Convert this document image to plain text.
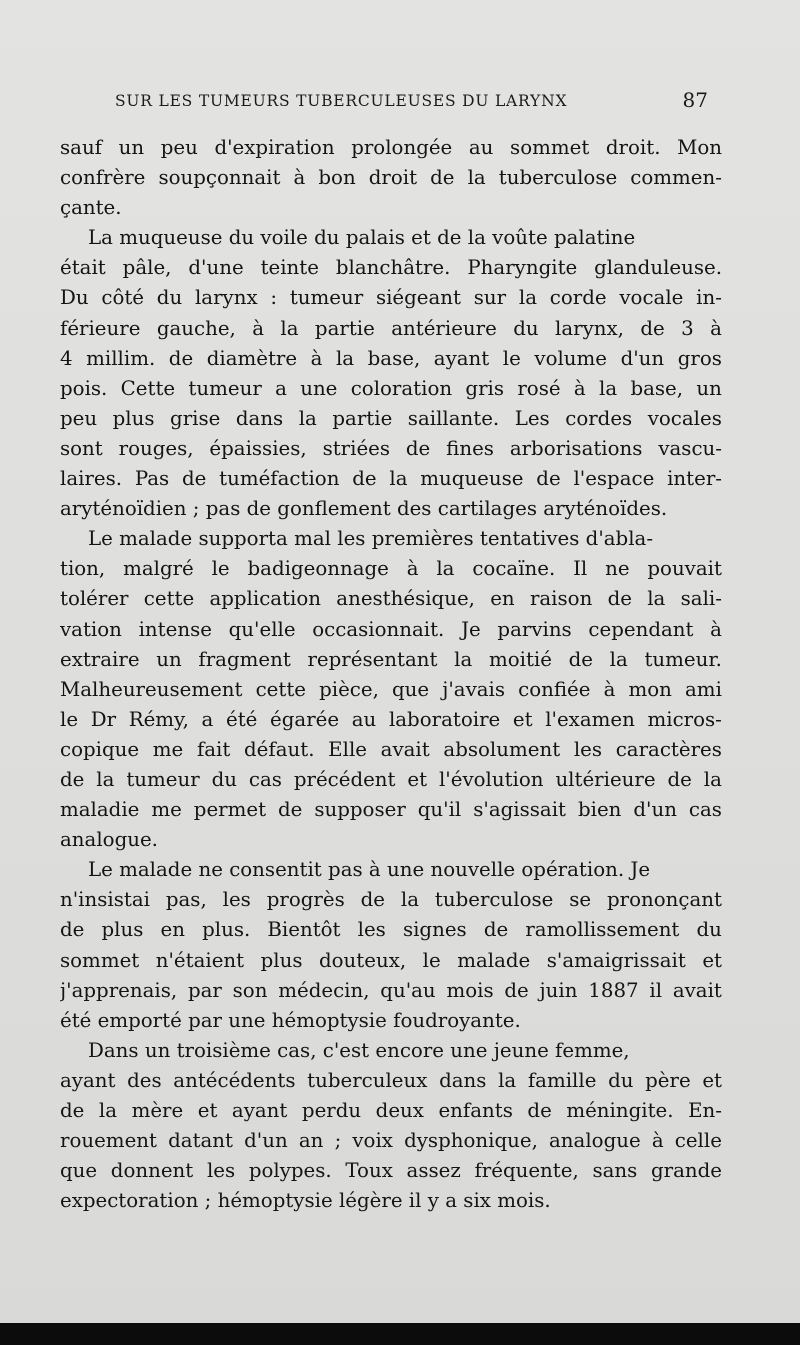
SUR LES TUMEURS TUBERCULEUSES DU LARYNX	87
sauf un peu d'expiration prolongée au sommet droit. Mon
confrère soupçonnait à bon droit de la tuberculose commen-
çante.
La muqueuse du voile du palais et de la voûte palatine
était pâle, d'une teinte blanchâtre. Pharyngite glanduleuse.
Du côté du larynx : tumeur siégeant sur la corde vocale in-
férieure gauche, à la partie antérieure du larynx, de 3 à
4 millim. de diamètre à la base, ayant le volume d'un gros
pois. Cette tumeur a une coloration gris rosé à la base, un
peu plus grise dans la partie saillante. Les cordes vocales
sont rouges, épaissies, striées de fines arborisations vascu-
laires. Pas de tuméfaction de la muqueuse de l'espace inter-
aryténoïdien ; pas de gonflement des cartilages aryténoïdes.
Le malade supporta mal les premières tentatives d'abla-
tion, malgré le badigeonnage à la cocaïne. Il ne pouvait
tolérer cette application anesthésique, en raison de la sali-
vation intense qu'elle occasionnait. Je parvins cependant à
extraire un fragment représentant la moitié de la tumeur.
Malheureusement cette pièce, que j'avais confiée à mon ami
le Dr Rémy, a été égarée au laboratoire et l'examen micros-
copique me fait défaut. Elle avait absolument les caractères
de la tumeur du cas précédent et l'évolution ultérieure de la
maladie me permet de supposer qu'il s'agissait bien d'un cas
analogue.
Le malade ne consentit pas à une nouvelle opération. Je
n'insistai pas, les progrès de la tuberculose se prononçant
de plus en plus. Bientôt les signes de ramollissement du
sommet n'étaient plus douteux, le malade s'amaigrissait et
j'apprenais, par son médecin, qu'au mois de juin 1887 il avait
été emporté par une hémoptysie foudroyante.
Dans un troisième cas, c'est encore une jeune femme,
ayant des antécédents tuberculeux dans la famille du père et
de la mère et ayant perdu deux enfants de méningite. En-
rouement datant d'un an ; voix dysphonique, analogue à celle
que donnent les polypes. Toux assez fréquente, sans grande
expectoration ; hémoptysie légère il y a six mois.
